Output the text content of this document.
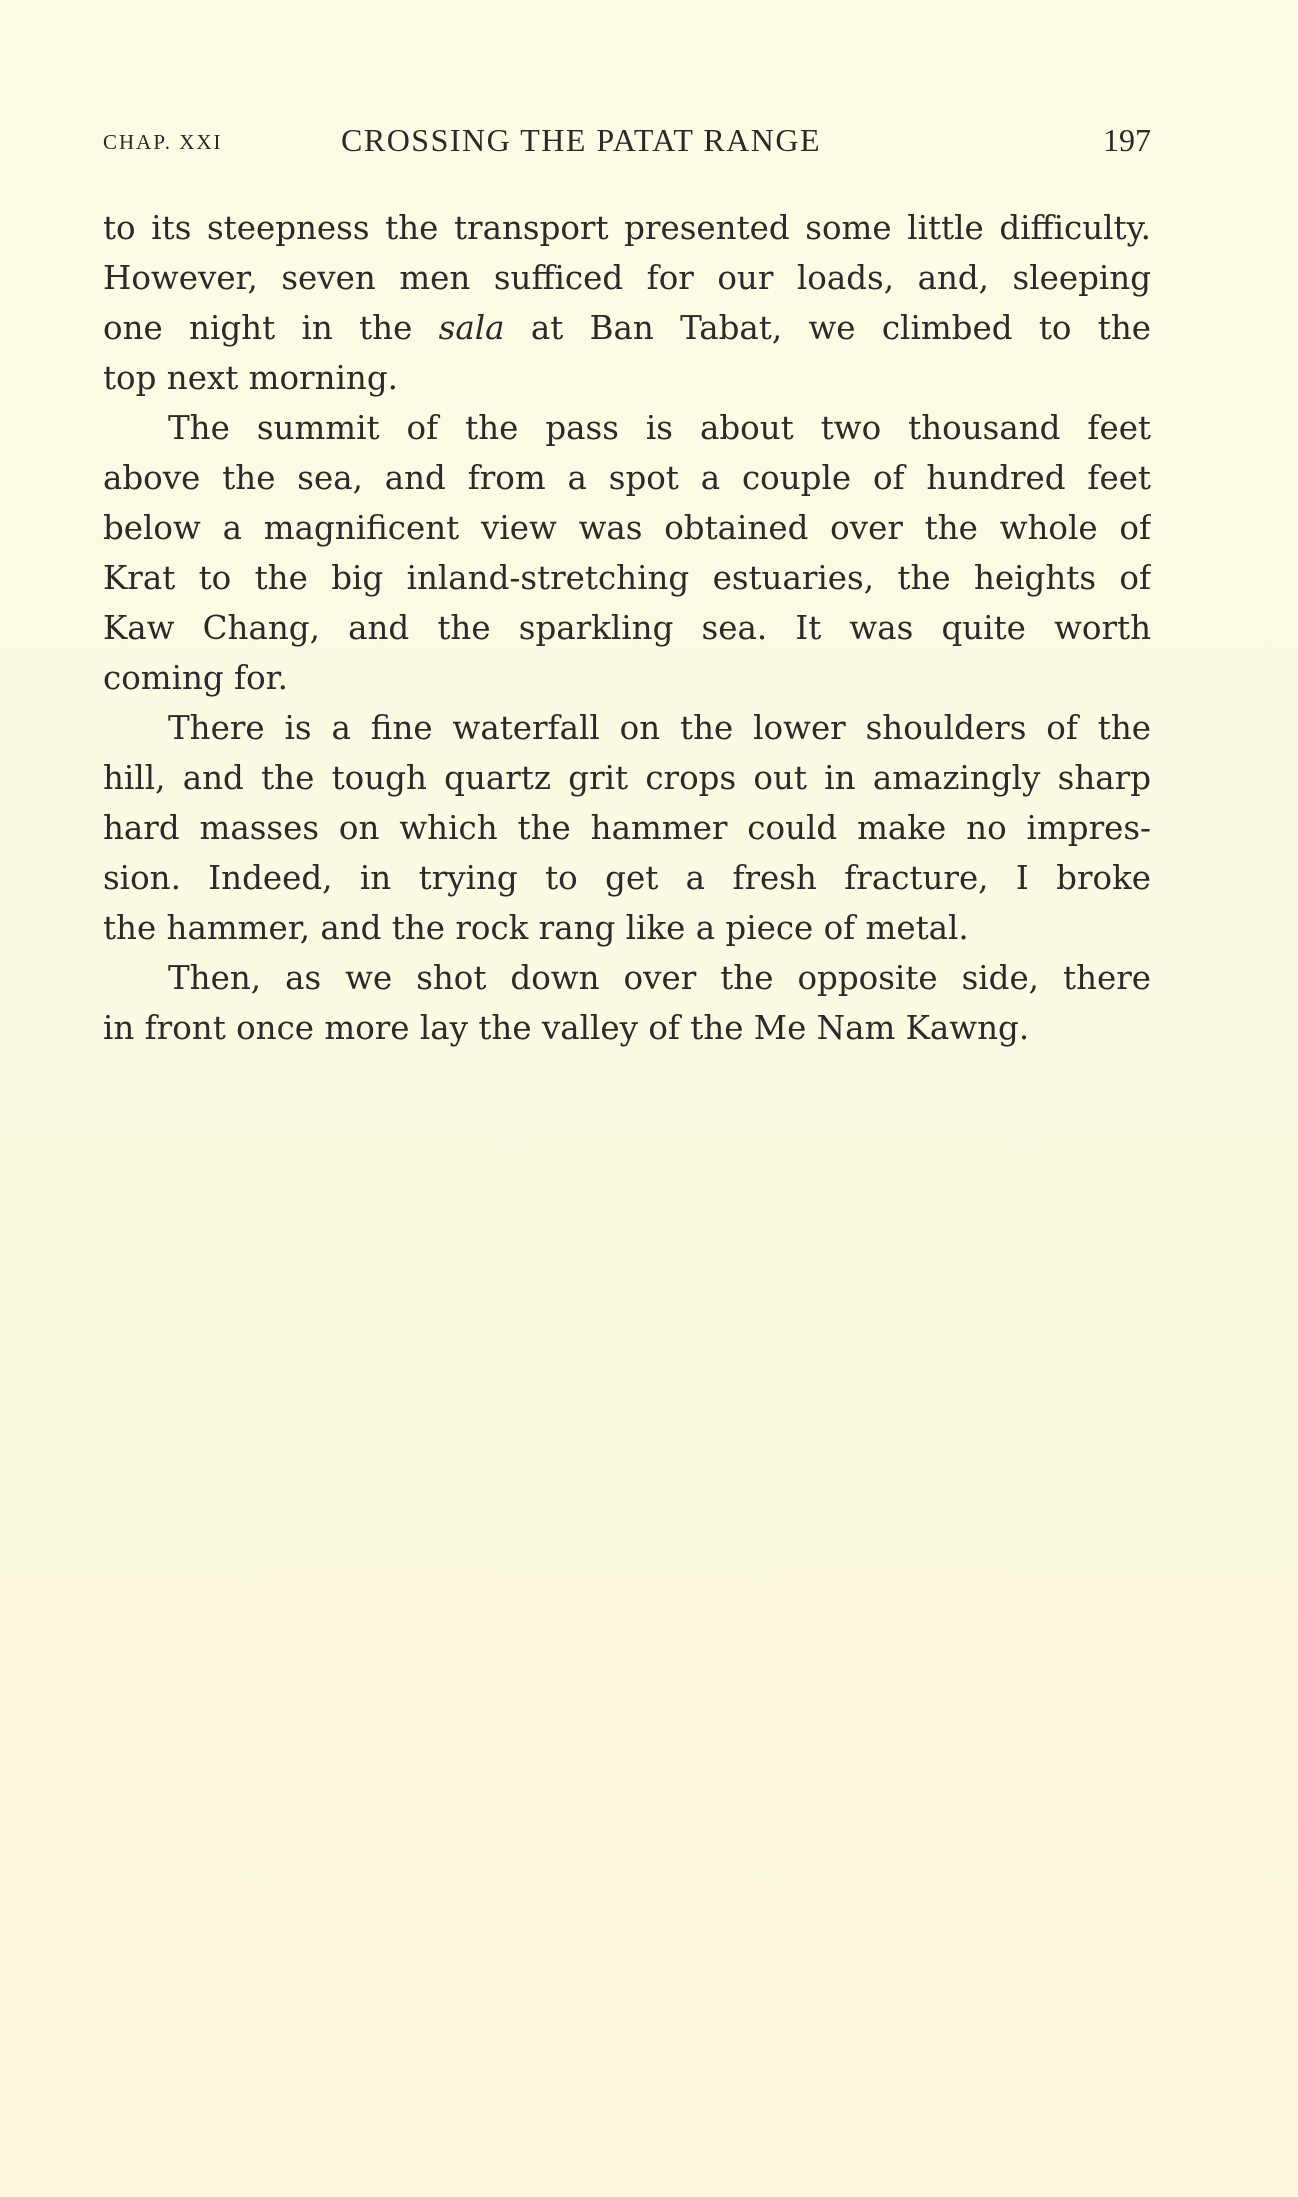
CHAP. XXI	CROSSING THE PATAT RANGE	197
to its steepness the transport presented some little difficulty.
However, seven men sufficed for our loads, and, sleeping
one night in the sala at Ban Tabat, we climbed to the
top next morning.
The summit of the pass is about two thousand feet
above the sea, and from a spot a couple of hundred feet
below a magnificent view was obtained over the whole of
Krat to the big inland-stretching estuaries, the heights of
Kaw Chang, and the sparkling sea. It was quite worth
coming for.
There is a fine waterfall on the lower shoulders of the
hill, and the tough quartz grit crops out in amazingly sharp
hard masses on which the hammer could make no impres-
sion. Indeed, in trying to get a fresh fracture, I broke
the hammer, and the rock rang like a piece of metal.
Then, as we shot down over the opposite side, there
in front once more lay the valley of the Me Nam Kawng.
